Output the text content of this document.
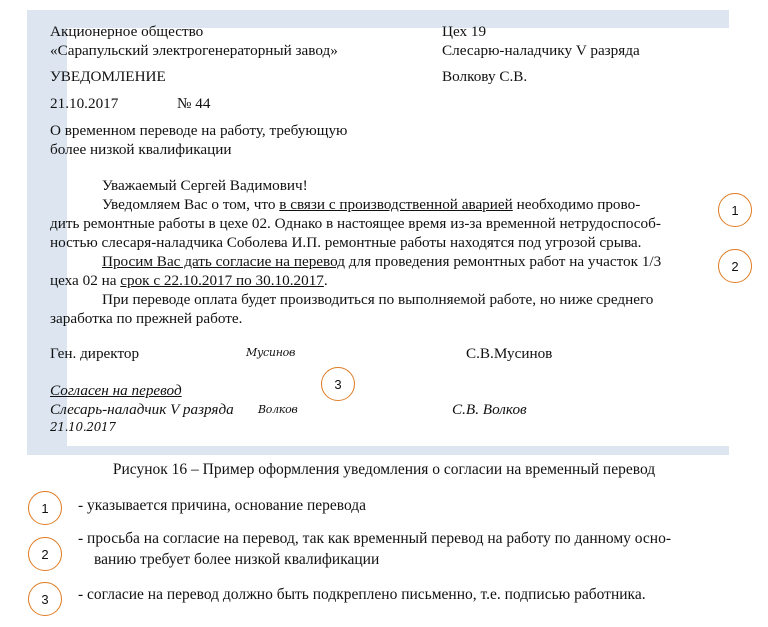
Акционерное общество
«Сарапульский электрогенераторный завод»
УВЕДОМЛЕНИЕ
21.10.2017	№ 44
О временном переводе на работу, требующую
более низкой квалификации
Цех 19
Слесарю-наладчику V разряда
Волкову С.В.
Уважаемый Сергей Вадимович!
Уведомляем Вас о том, что в связи с производственной аварией необходимо прово-
дить ремонтные работы в цехе 02. Однако в настоящее время из-за временной нетрудоспособ-
ностью слесаря-наладчика Соболева И.П. ремонтные работы находятся под угрозой срыва.
Просим Вас дать согласие на перевод для проведения ремонтных работ на участок 1/3
цеха 02 на срок с 22.10.2017 по 30.10.2017.
При переводе оплата будет производиться по выполняемой работе, но ниже среднего
заработка по прежней работе.
Ген. директор	Мусинов	С.В.Мусинов
Согласен на перевод
Слесарь-наладчик V разряда Волков	С.В. Волков
21.10.2017
1
2
3
Рисунок 16 – Пример оформления уведомления о согласии на временный перевод
1	- указывается причина, основание перевода
2
- просьба на согласие на перевод, так как временный перевод на работу по данному осно-
ванию требует более низкой квалификации
3	- согласие на перевод должно быть подкреплено письменно, т.е. подписью работника.
